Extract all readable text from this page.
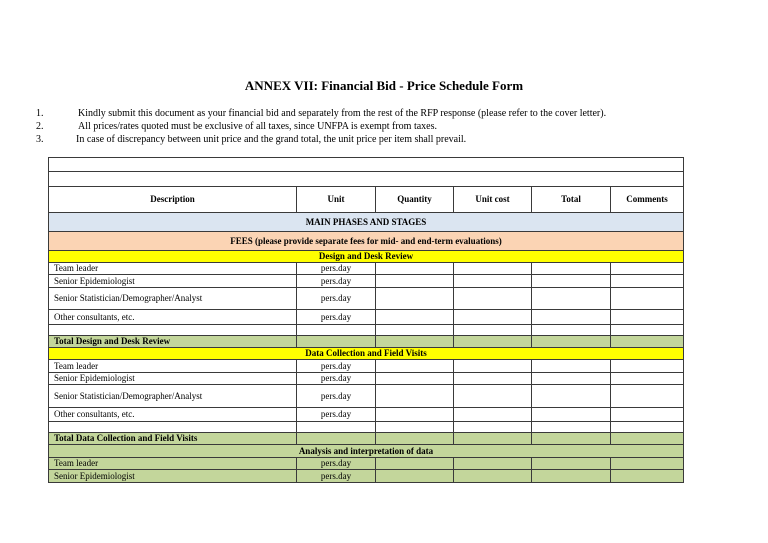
ANNEX VII: Financial Bid - Price Schedule Form
1.	Kindly submit this document as your financial bid and separately from the rest of the RFP response (please refer to the cover letter).
2.	All prices/rates quoted must be exclusive of all taxes, since UNFPA is exempt from taxes.
3.	In case of discrepancy between unit price and the grand total, the unit price per item shall prevail.

Description	Unit	Quantity	Unit cost	Total	Comments
MAIN PHASES AND STAGES					
FEES (please provide separate fees for mid- and end-term evaluations)					
Design and Desk Review					
Team leader	pers.day				
Senior Epidemiologist	pers.day				
Senior Statistician/Demographer/Analyst	pers.day				
Other consultants, etc.	pers.day				

Total Design and Desk Review					
Data Collection and Field Visits					
Team leader	pers.day				
Senior Epidemiologist	pers.day				
Senior Statistician/Demographer/Analyst	pers.day				
Other consultants, etc.	pers.day				

Total Data Collection and Field Visits					
Analysis and interpretation of data					
Team leader	pers.day				
Senior Epidemiologist	pers.day				
